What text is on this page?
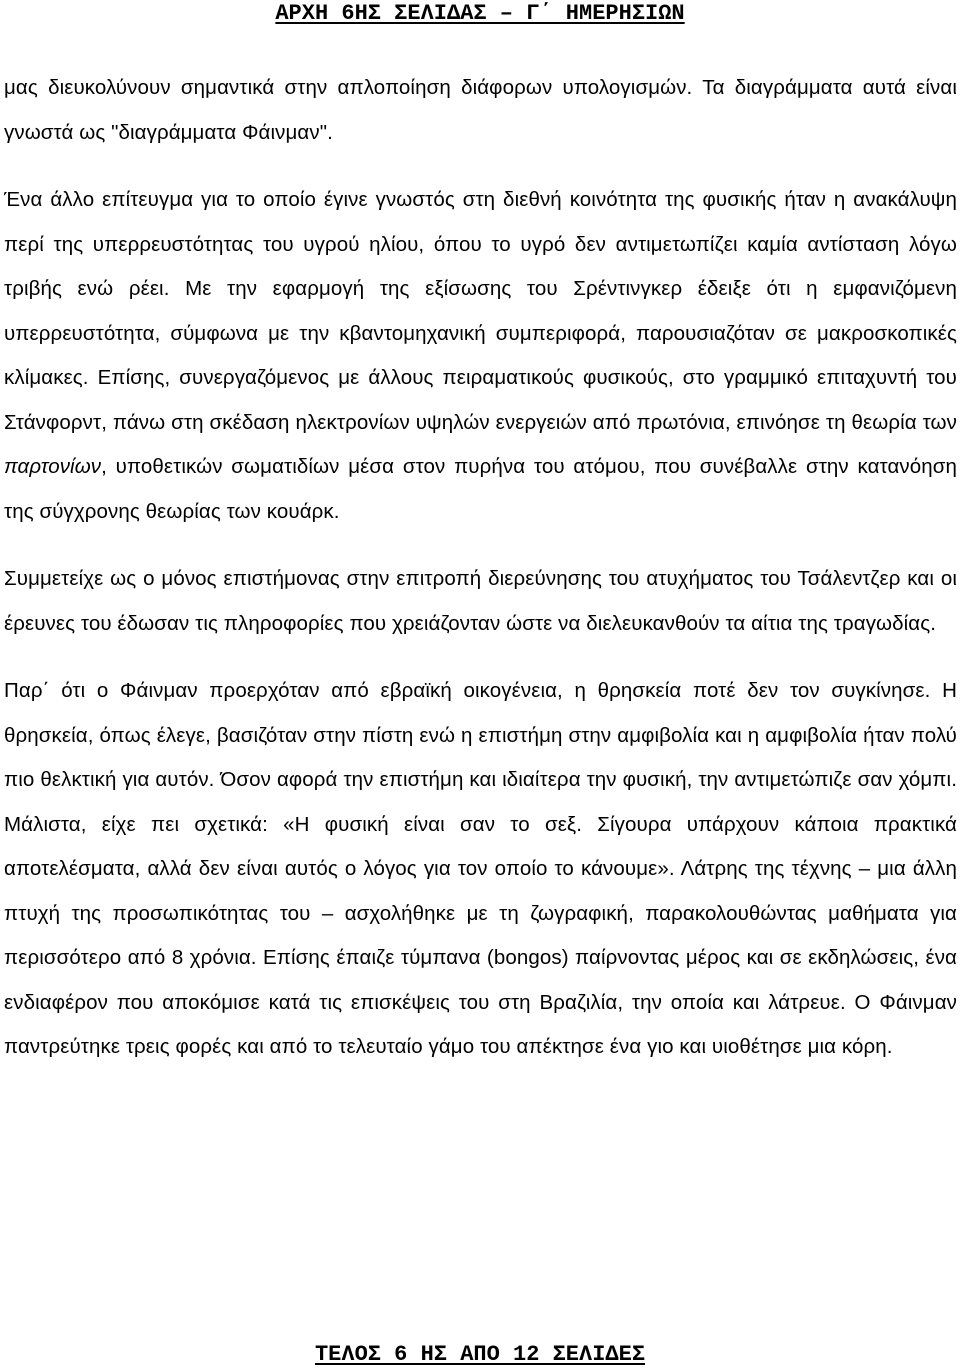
ΑΡΧΗ 6ΗΣ ΣΕΛΙΔΑΣ – Γ΄ ΗΜΕΡΗΣΙΩΝ

μας διευκολύνουν σημαντικά στην απλοποίηση διάφορων υπολογισμών. Τα διαγράμματα αυτά είναι γνωστά ως "διαγράμματα Φάινμαν".

Ένα άλλο επίτευγμα για το οποίο έγινε γνωστός στη διεθνή κοινότητα της φυσικής ήταν η ανακάλυψη περί της υπερρευστότητας του υγρού ηλίου, όπου το υγρό δεν αντιμετωπίζει καμία αντίσταση λόγω τριβής ενώ ρέει. Με την εφαρμογή της εξίσωσης του Σρέντινγκερ έδειξε ότι η εμφανιζόμενη υπερρευστότητα, σύμφωνα με την κβαντομηχανική συμπεριφορά, παρουσιαζόταν σε μακροσκοπικές κλίμακες. Επίσης, συνεργαζόμενος με άλλους πειραματικούς φυσικούς, στο γραμμικό επιταχυντή του Στάνφορντ, πάνω στη σκέδαση ηλεκτρονίων υψηλών ενεργειών από πρωτόνια, επινόησε τη θεωρία των παρτονίων, υποθετικών σωματιδίων μέσα στον πυρήνα του ατόμου, που συνέβαλλε στην κατανόηση της σύγχρονης θεωρίας των κουάρκ.

Συμμετείχε ως ο μόνος επιστήμονας στην επιτροπή διερεύνησης του ατυχήματος του Τσάλεντζερ και οι έρευνες του έδωσαν τις πληροφορίες που χρειάζονταν ώστε να διελευκανθούν τα αίτια της τραγωδίας.

Παρ΄ ότι ο Φάινμαν προερχόταν από εβραϊκή οικογένεια, η θρησκεία ποτέ δεν τον συγκίνησε. Η θρησκεία, όπως έλεγε, βασιζόταν στην πίστη ενώ η επιστήμη στην αμφιβολία και η αμφιβολία ήταν πολύ πιο θελκτική για αυτόν. Όσον αφορά την επιστήμη και ιδιαίτερα την φυσική, την αντιμετώπιζε σαν χόμπι. Μάλιστα, είχε πει σχετικά: «Η φυσική είναι σαν το σεξ. Σίγουρα υπάρχουν κάποια πρακτικά αποτελέσματα, αλλά δεν είναι αυτός ο λόγος για τον οποίο το κάνουμε». Λάτρης της τέχνης – μια άλλη πτυχή της προσωπικότητας του – ασχολήθηκε με τη ζωγραφική, παρακολουθώντας μαθήματα για περισσότερο από 8 χρόνια. Επίσης έπαιζε τύμπανα (bongos) παίρνοντας μέρος και σε εκδηλώσεις, ένα ενδιαφέρον που αποκόμισε κατά τις επισκέψεις του στη Βραζιλία, την οποία και λάτρευε. Ο Φάινμαν παντρεύτηκε τρεις φορές και από το τελευταίο γάμο του απέκτησε ένα γιο και υιοθέτησε μια κόρη.

ΤΕΛΟΣ 6 ΗΣ ΑΠΟ 12 ΣΕΛΙΔΕΣ
